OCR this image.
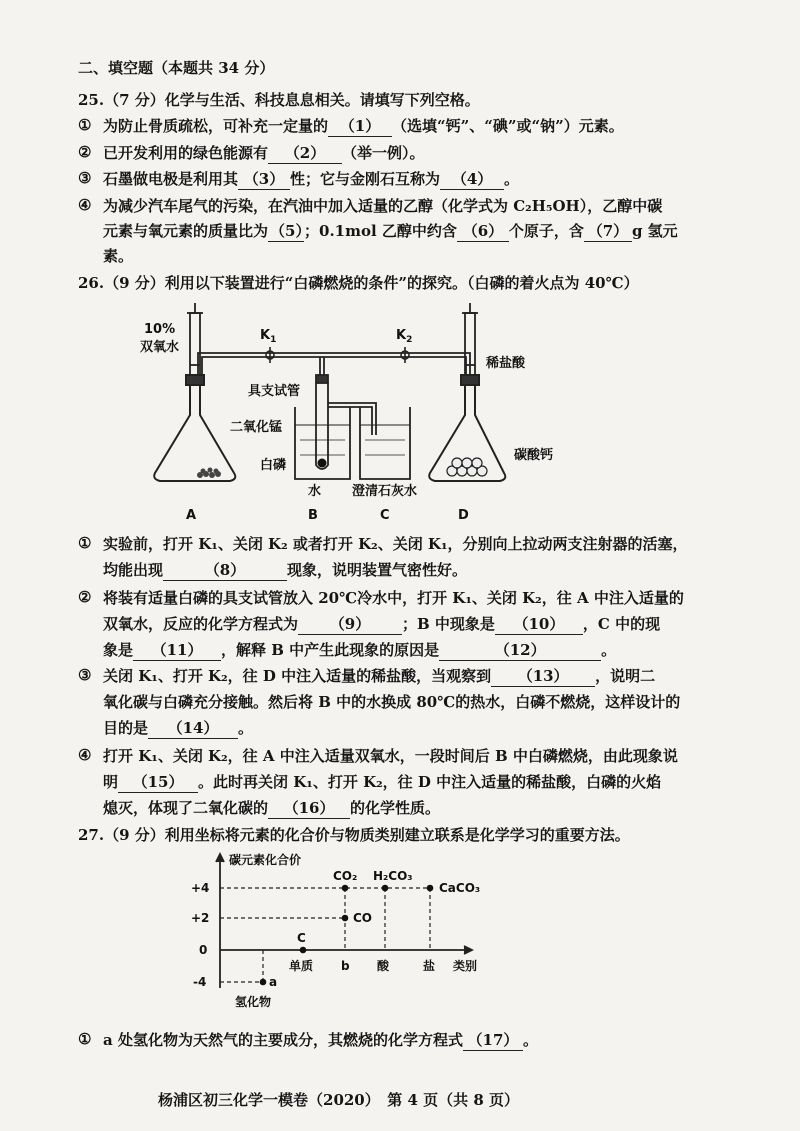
二、填空题（本题共 34 分）
25.（7 分）化学与生活、科技息息相关。请填写下列空格。
① 为防止骨质疏松，可补充一定量的 （1） （选填“钙”、“碘”或“钠”）元素。
② 已开发利用的绿色能源有 （2） （举一例）。
③ 石墨做电极是利用其 （3） 性；它与金刚石互称为 （4） 。
④ 为减少汽车尾气的污染，在汽油中加入适量的乙醇（化学式为 C₂H₅OH），乙醇中碳
元素与氧元素的质量比为 （5）；0.1mol 乙醇中约含 （6） 个原子，含 （7） g 氢元
素。
26.（9 分）利用以下装置进行“白磷燃烧的条件”的探究。（白磷的着火点为 40℃）
10%
双氧水
$K_1$	$K_2$
稀盐酸
具支试管
二氧化锰
白磷
水 澄清石灰水
碳酸钙
A	B	C	D
① 实验前，打开 K₁、关闭 K₂ 或者打开 K₂、关闭 K₁，分别向上拉动两支注射器的活塞，
均能出现	（8）	现象，说明装置气密性好。
② 将装有适量白磷的具支试管放入 20℃冷水中，打开 K₁、关闭 K₂，往 A 中注入适量的
双氧水，反应的化学方程式为 （9） ；B 中现象是 （10） ，C 中的现
象是 （11） ，解释 B 中产生此现象的原因是	（12）	。
③ 关闭 K₁、打开 K₂，往 D 中注入适量的稀盐酸，当观察到 （13） ，说明二
氧化碳与白磷充分接触。然后将 B 中的水换成 80℃的热水，白磷不燃烧，这样设计的
目的是 （14） 。
④ 打开 K₁、关闭 K₂，往 A 中注入适量双氧水，一段时间后 B 中白磷燃烧，由此现象说
明 （15） 。此时再关闭 K₁、打开 K₂，往 D 中注入适量的稀盐酸，白磷的火焰
熄灭，体现了二氧化碳的 （16） 的化学性质。
27.（9 分）利用坐标将元素的化合价与物质类别建立联系是化学学习的重要方法。
碳元素化合价
+4
+2
0
-4
氢化物
单质 b 酸	盐 类别
a
C
CO
CO₂ H₂CO₃
CaCO₃
① a 处氢化物为天然气的主要成分，其燃烧的化学方程式 （17） 。
杨浦区初三化学一模卷（2020）　第 4 页（共 8 页）
